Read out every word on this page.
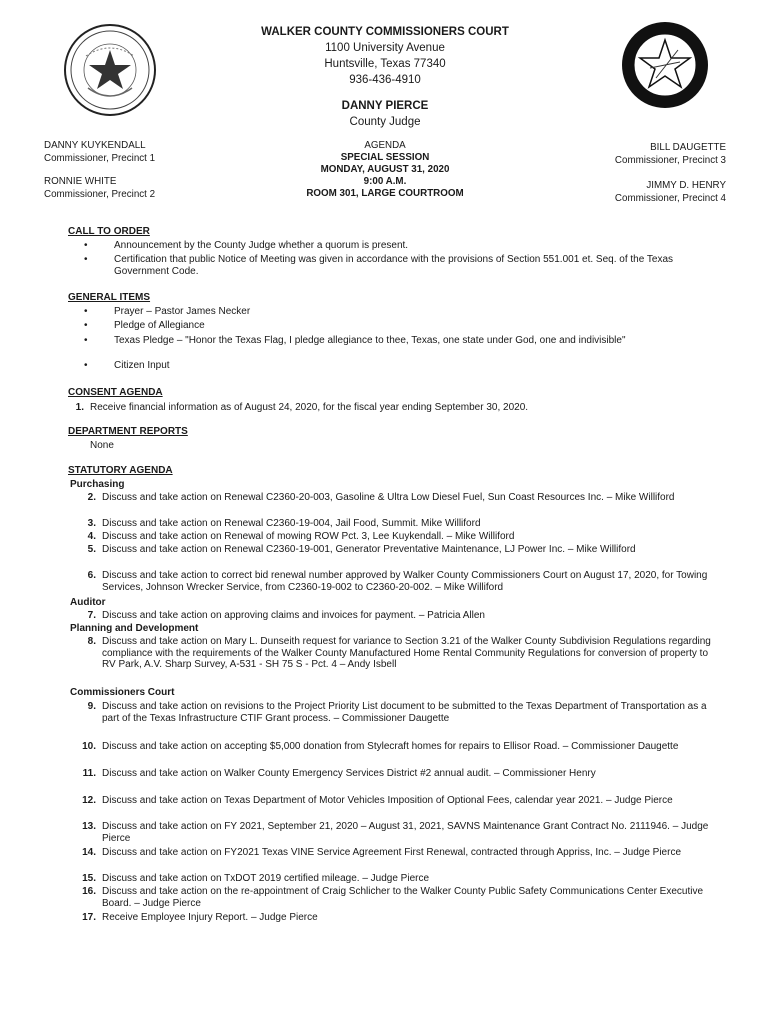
WALKER COUNTY COMMISSIONERS COURT
1100 University Avenue
Huntsville, Texas 77340
936-436-4910
DANNY PIERCE
County Judge
DANNY KUYKENDALL
Commissioner, Precinct 1
RONNIE WHITE
Commissioner, Precinct 2
BILL DAUGETTE
Commissioner, Precinct 3
JIMMY D. HENRY
Commissioner, Precinct 4
AGENDA
SPECIAL SESSION
MONDAY, AUGUST 31, 2020
9:00 A.M.
ROOM 301, LARGE COURTROOM
CALL TO ORDER
•	Announcement by the County Judge whether a quorum is present.
•	Certification that public Notice of Meeting was given in accordance with the provisions of Section 551.001 et. Seq. of the Texas Government Code.
GENERAL ITEMS
•	Prayer – Pastor James Necker
•	Pledge of Allegiance
•	Texas Pledge – "Honor the Texas Flag, I pledge allegiance to thee, Texas, one state under God, one and indivisible"
•	Citizen Input
CONSENT AGENDA
1. Receive financial information as of August 24, 2020, for the fiscal year ending September 30, 2020.
DEPARTMENT REPORTS
None
STATUTORY AGENDA
Purchasing
2. Discuss and take action on Renewal C2360-20-003, Gasoline & Ultra Low Diesel Fuel, Sun Coast Resources Inc. – Mike Williford
3. Discuss and take action on Renewal C2360-19-004, Jail Food, Summit. Mike Williford
4. Discuss and take action on Renewal of mowing ROW Pct. 3, Lee Kuykendall. – Mike Williford
5. Discuss and take action on Renewal C2360-19-001, Generator Preventative Maintenance, LJ Power Inc. – Mike Williford
6. Discuss and take action to correct bid renewal number approved by Walker County Commissioners Court on August 17, 2020, for Towing Services, Johnson Wrecker Service, from C2360-19-002 to C2360-20-002. – Mike Williford
Auditor
7. Discuss and take action on approving claims and invoices for payment. – Patricia Allen
Planning and Development
8. Discuss and take action on Mary L. Dunseith request for variance to Section 3.21 of the Walker County Subdivision Regulations regarding compliance with the requirements of the Walker County Manufactured Home Rental Community Regulations for conversion of property to RV Park, A.V. Sharp Survey, A-531 - SH 75 S - Pct. 4 – Andy Isbell
Commissioners Court
9. Discuss and take action on revisions to the Project Priority List document to be submitted to the Texas Department of Transportation as a part of the Texas Infrastructure CTIF Grant process. – Commissioner Daugette
10. Discuss and take action on accepting $5,000 donation from Stylecraft homes for repairs to Ellisor Road. – Commissioner Daugette
11. Discuss and take action on Walker County Emergency Services District #2 annual audit. – Commissioner Henry
12. Discuss and take action on Texas Department of Motor Vehicles Imposition of Optional Fees, calendar year 2021. – Judge Pierce
13. Discuss and take action on FY 2021, September 21, 2020 – August 31, 2021, SAVNS Maintenance Grant Contract No. 2111946. – Judge Pierce
14. Discuss and take action on FY2021 Texas VINE Service Agreement First Renewal, contracted through Appriss, Inc. – Judge Pierce
15. Discuss and take action on TxDOT 2019 certified mileage. – Judge Pierce
16. Discuss and take action on the re-appointment of Craig Schlicher to the Walker County Public Safety Communications Center Executive Board. – Judge Pierce
17. Receive Employee Injury Report. – Judge Pierce
